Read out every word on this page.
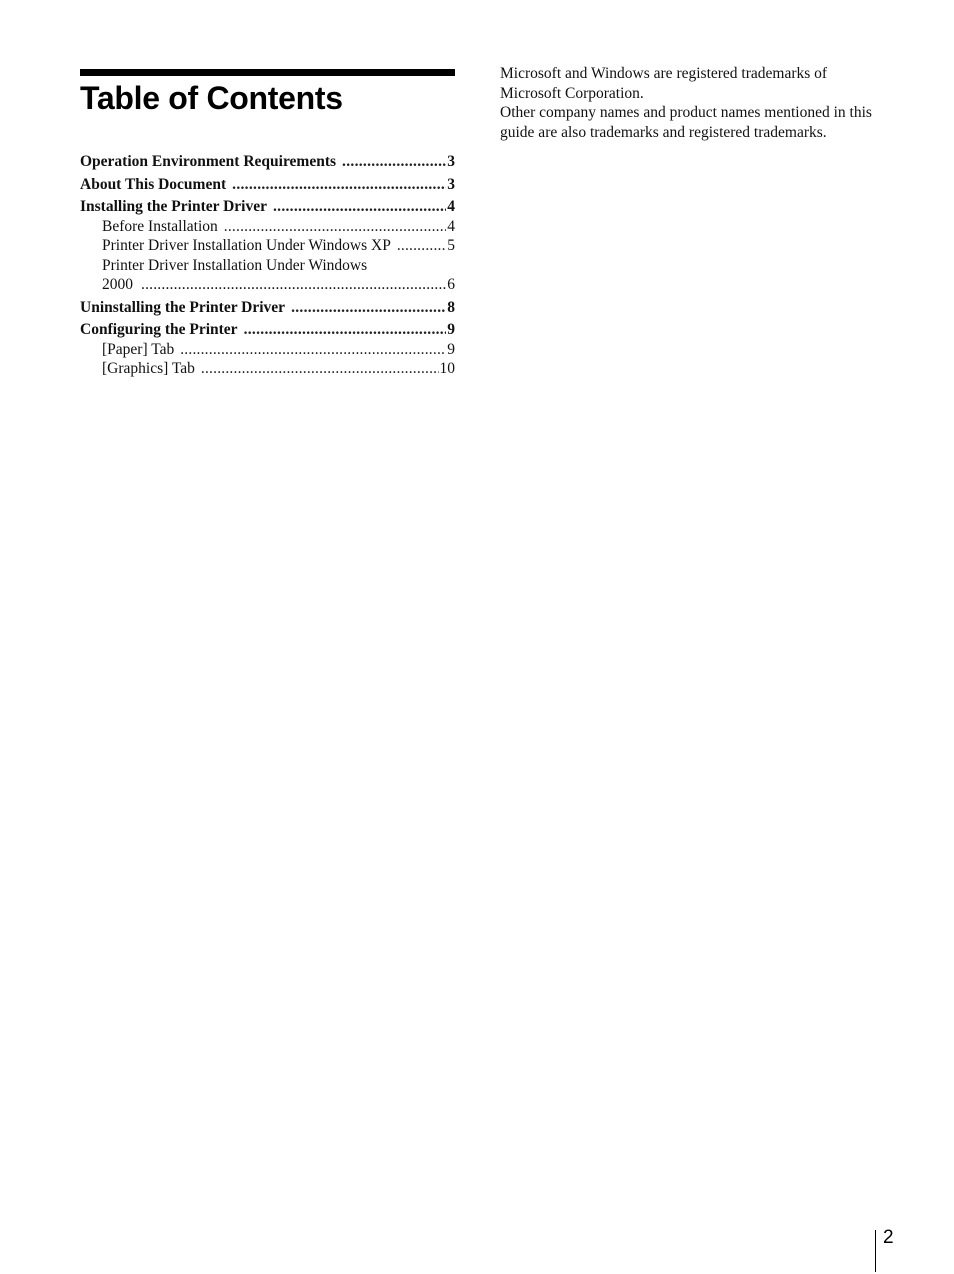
Table of Contents
Operation Environment Requirements .....	3
About This Document .....	3
Installing the Printer Driver .....	4
Before Installation .....	4
Printer Driver Installation Under Windows XP .....	5
Printer Driver Installation Under Windows
2000 .....	6
Uninstalling the Printer Driver .....	8
Configuring the Printer .....	9
[Paper] Tab .....	9
[Graphics] Tab .....	10

Microsoft and Windows are registered trademarks of Microsoft Corporation.

Other company names and product names mentioned in this guide are also trademarks and registered trademarks.

2
